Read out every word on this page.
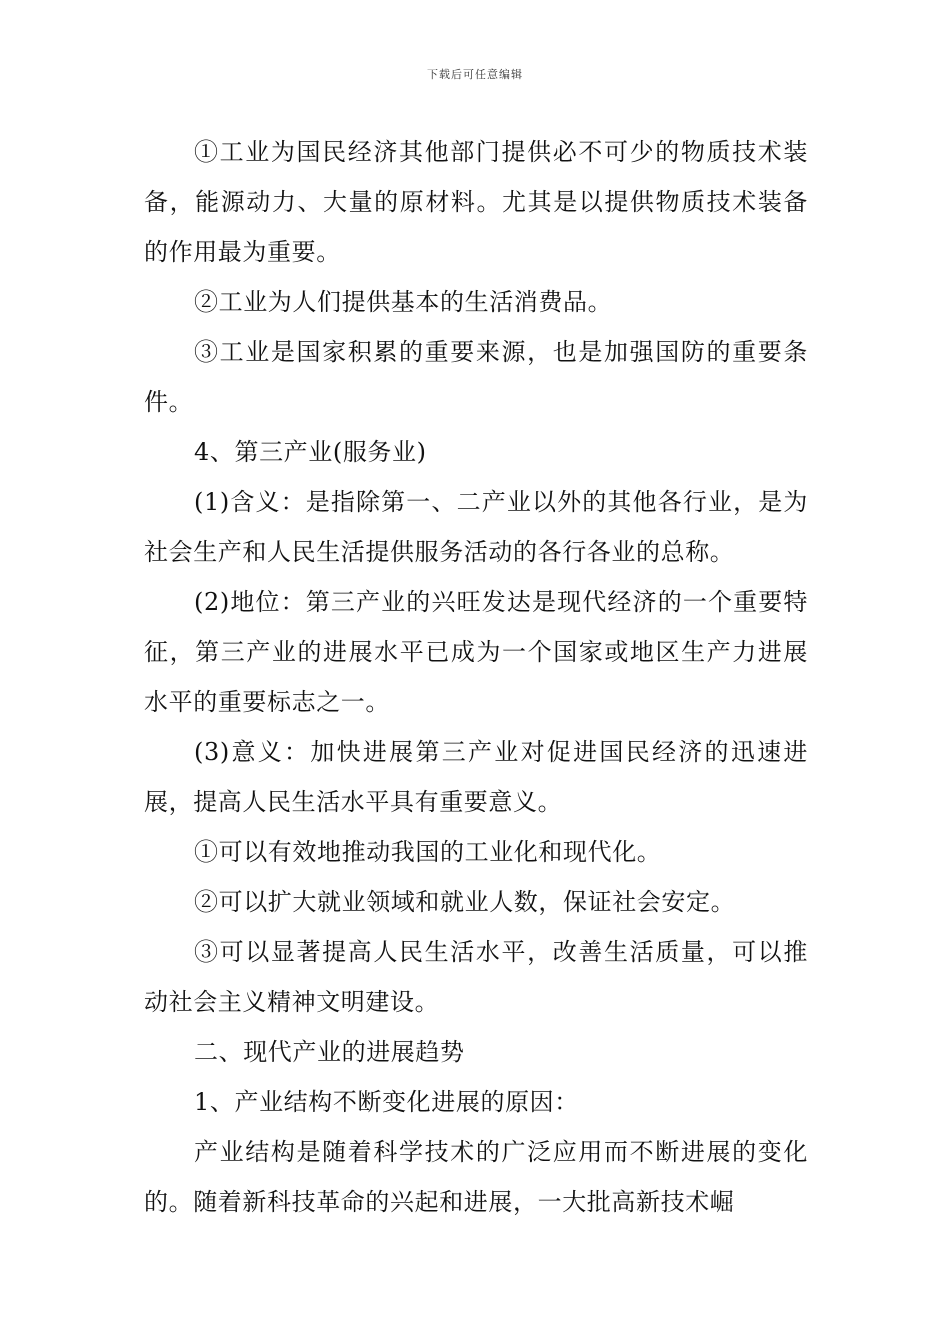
下载后可任意编辑

①工业为国民经济其他部门提供必不可少的物质技术装备，能源动力、大量的原材料。尤其是以提供物质技术装备的作用最为重要。

②工业为人们提供基本的生活消费品。

③工业是国家积累的重要来源，也是加强国防的重要条件。

4、第三产业(服务业)

(1)含义：是指除第一、二产业以外的其他各行业，是为社会生产和人民生活提供服务活动的各行各业的总称。

(2)地位：第三产业的兴旺发达是现代经济的一个重要特征，第三产业的进展水平已成为一个国家或地区生产力进展水平的重要标志之一。

(3)意义：加快进展第三产业对促进国民经济的迅速进展，提高人民生活水平具有重要意义。

①可以有效地推动我国的工业化和现代化。

②可以扩大就业领域和就业人数，保证社会安定。

③可以显著提高人民生活水平，改善生活质量，可以推动社会主义精神文明建设。

二、现代产业的进展趋势

1、产业结构不断变化进展的原因：

产业结构是随着科学技术的广泛应用而不断进展的变化的。随着新科技革命的兴起和进展，一大批高新技术崛
